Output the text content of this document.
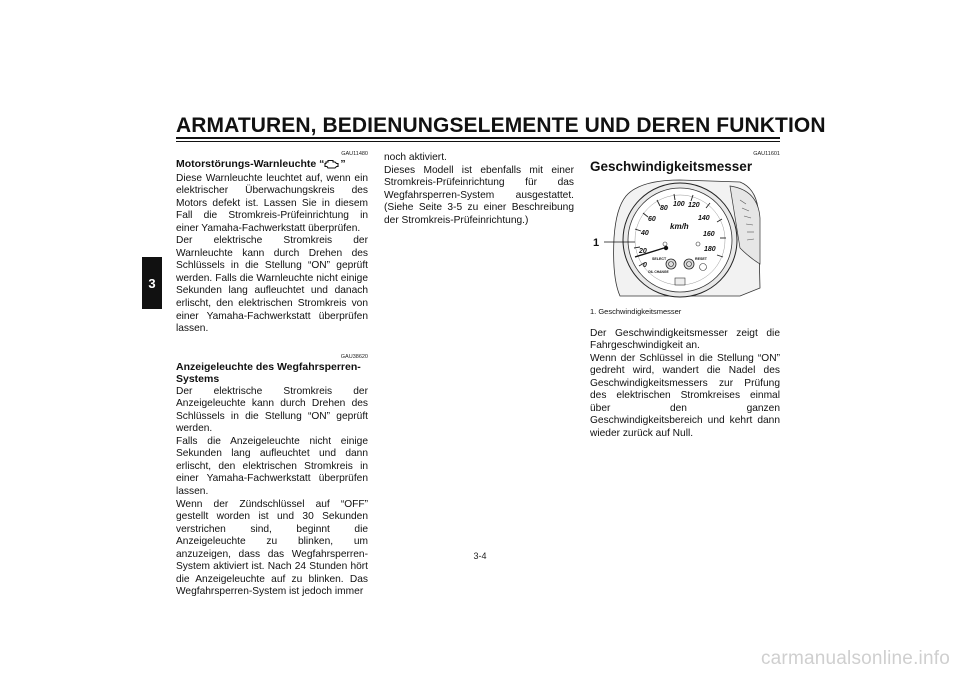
ARMATUREN, BEDIENUNGSELEMENTE UND DEREN FUNKTION
3
GAU11480
Motorstörungs-Warnleuchte “ ”

Diese Warnleuchte leuchtet auf, wenn ein elektrischer Überwachungskreis des Motors defekt ist. Lassen Sie in diesem Fall die Stromkreis-Prüfeinrichtung in einer Yamaha-Fachwerkstatt überprüfen.

Der elektrische Stromkreis der Warnleuchte kann durch Drehen des Schlüssels in die Stellung “ON” geprüft werden. Falls die Warnleuchte nicht einige Sekunden lang aufleuchtet und danach erlischt, den elektrischen Stromkreis von einer Yamaha-Fachwerkstatt überprüfen lassen.

GAU38620
Anzeigeleuchte des Wegfahrsperren-Systems

Der elektrische Stromkreis der Anzeigeleuchte kann durch Drehen des Schlüssels in die Stellung “ON” geprüft werden.

Falls die Anzeigeleuchte nicht einige Sekunden lang aufleuchtet und dann erlischt, den elektrischen Stromkreis in einer Yamaha-Fachwerkstatt überprüfen lassen.

Wenn der Zündschlüssel auf “OFF” gestellt worden ist und 30 Sekunden verstrichen sind, beginnt die Anzeigeleuchte zu blinken, um anzuzeigen, dass das Wegfahrsperren-System aktiviert ist. Nach 24 Stunden hört die Anzeigeleuchte auf zu blinken. Das Wegfahrsperren-System ist jedoch immer

noch aktiviert.

Dieses Modell ist ebenfalls mit einer Stromkreis-Prüfeinrichtung für das Wegfahrsperren-System ausgestattet. (Siehe Seite 3-5 zu einer Beschreibung der Stromkreis-Prüfeinrichtung.)

GAU11601
Geschwindigkeitsmesser
0
20
40
60
80
100 120
140
160
180
km/h
SELECT	RESET
OIL CHANGE
1
1. Geschwindigkeitsmesser

Der Geschwindigkeitsmesser zeigt die Fahrgeschwindigkeit an.

Wenn der Schlüssel in die Stellung “ON” gedreht wird, wandert die Nadel des Geschwindigkeitsmessers zur Prüfung des elektrischen Stromkreises einmal über den ganzen Geschwindigkeitsbereich und kehrt dann wieder zurück auf Null.

3-4
carmanualsonline.info
